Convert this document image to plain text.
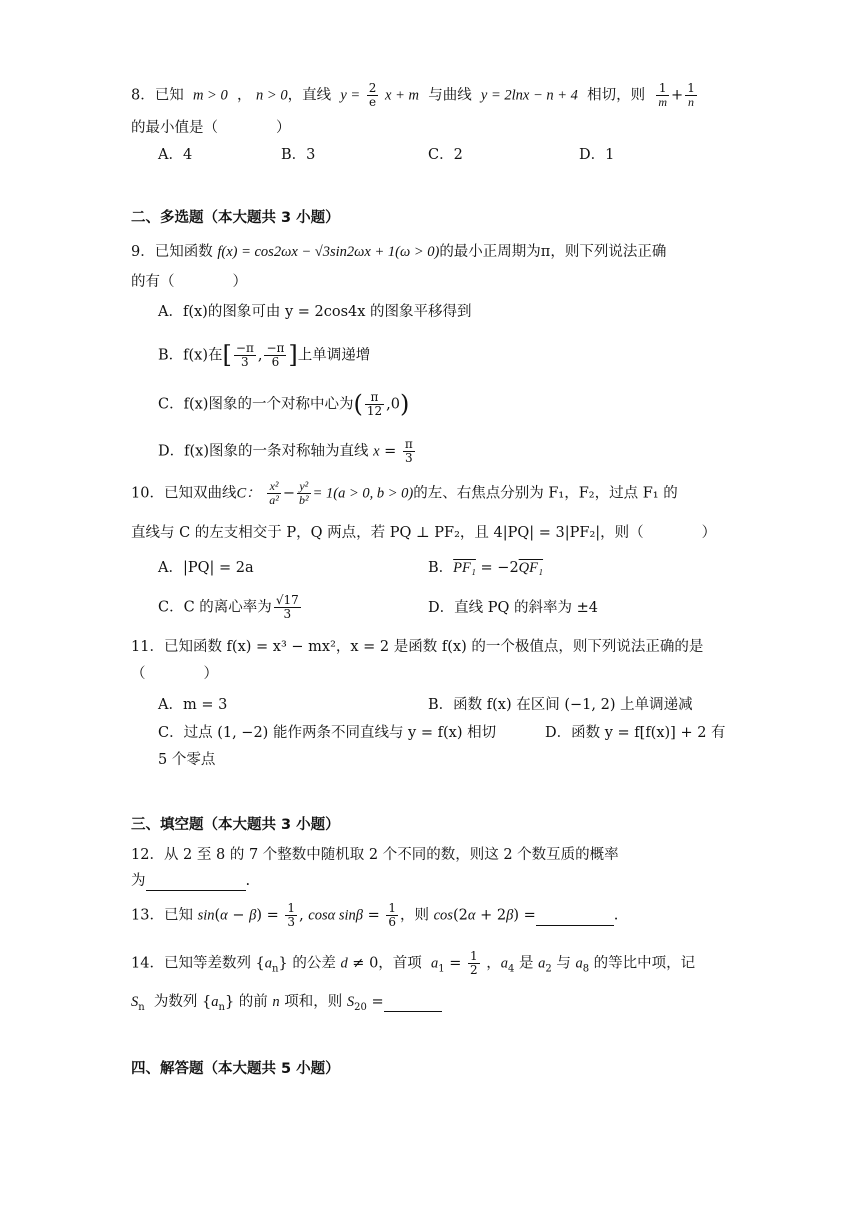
8．已知 m > 0 ， n > 0，直线 $y = \frac{2}{e}$ x + m 与曲线 y = 2lnx − n + 4 相切，则 $\frac{1}{m} + \frac{1}{n}$
的最小值是（　　　　）
A．4	B．3	C．2	D．1
二、多选题（本大题共 3 小题）
9．已知函数 f(x) = cos2ωx − √3sin2ωx + 1(ω > 0)的最小正周期为π，则下列说法正确
的有（　　　　）
A．f(x)的图象可由 y = 2cos4x 的图象平移得到
B．f(x)在[ $\frac{-\pi}{3}$ , $\frac{-\pi}{6}$ ]上单调递增
C．f(x)图象的一个对称中心为( $\frac{\pi}{12} ,0$)
D．f(x)图象的一条对称轴为直线 $x = \frac{\pi}{3}$
10．已知双曲线C： $\frac{\text{x²}}{\text{a²}} - \frac{\text{y²}}{\text{b²}} = 1(a > 0$, b > 0)的左、右焦点分别为 F₁，F₂，过点 F₁ 的
直线与 C 的左支相交于 P，Q 两点，若 PQ ⊥ PF₂，且 4|PQ| = 3|PF₂|，则（　　　　）
A．|PQ| = 2a	B．PF₁ = −2QF₁
C．C 的离心率为 $\frac{√17}{3}$	D．直线 PQ 的斜率为 ±4
11．已知函数 f(x) = x³ − mx²，x = 2 是函数 f(x) 的一个极值点，则下列说法正确的是
（　　　　）
A．m = 3	B．函数 f(x) 在区间 (−1, 2) 上单调递减
C．过点 (1, −2) 能作两条不同直线与 y = f(x) 相切	D．函数 y = f[f(x)] + 2 有
5 个零点
三、填空题（本大题共 3 小题）
12．从 2 至 8 的 7 个整数中随机取 2 个不同的数，则这 2 个数互质的概率
为	.
13．已知 $\sin(\alpha - \beta) = \frac{1}{3}$ , cosα $\sin\beta = \frac{1}{6}$ ，则 cos(2α + 2β) =	.
14．已知等差数列 $\{a_n\}$ 的公差 d ≠ 0，首项  $a_1 = \frac{1}{2}$ ，$a_4$ 是 $a_2$ 与 $a_8$ 的等比中项，记
$S_n$  为数列 $\{a_n\}$ 的前 n 项和，则 $S_{20}$ =
四、解答题（本大题共 5 小题）
